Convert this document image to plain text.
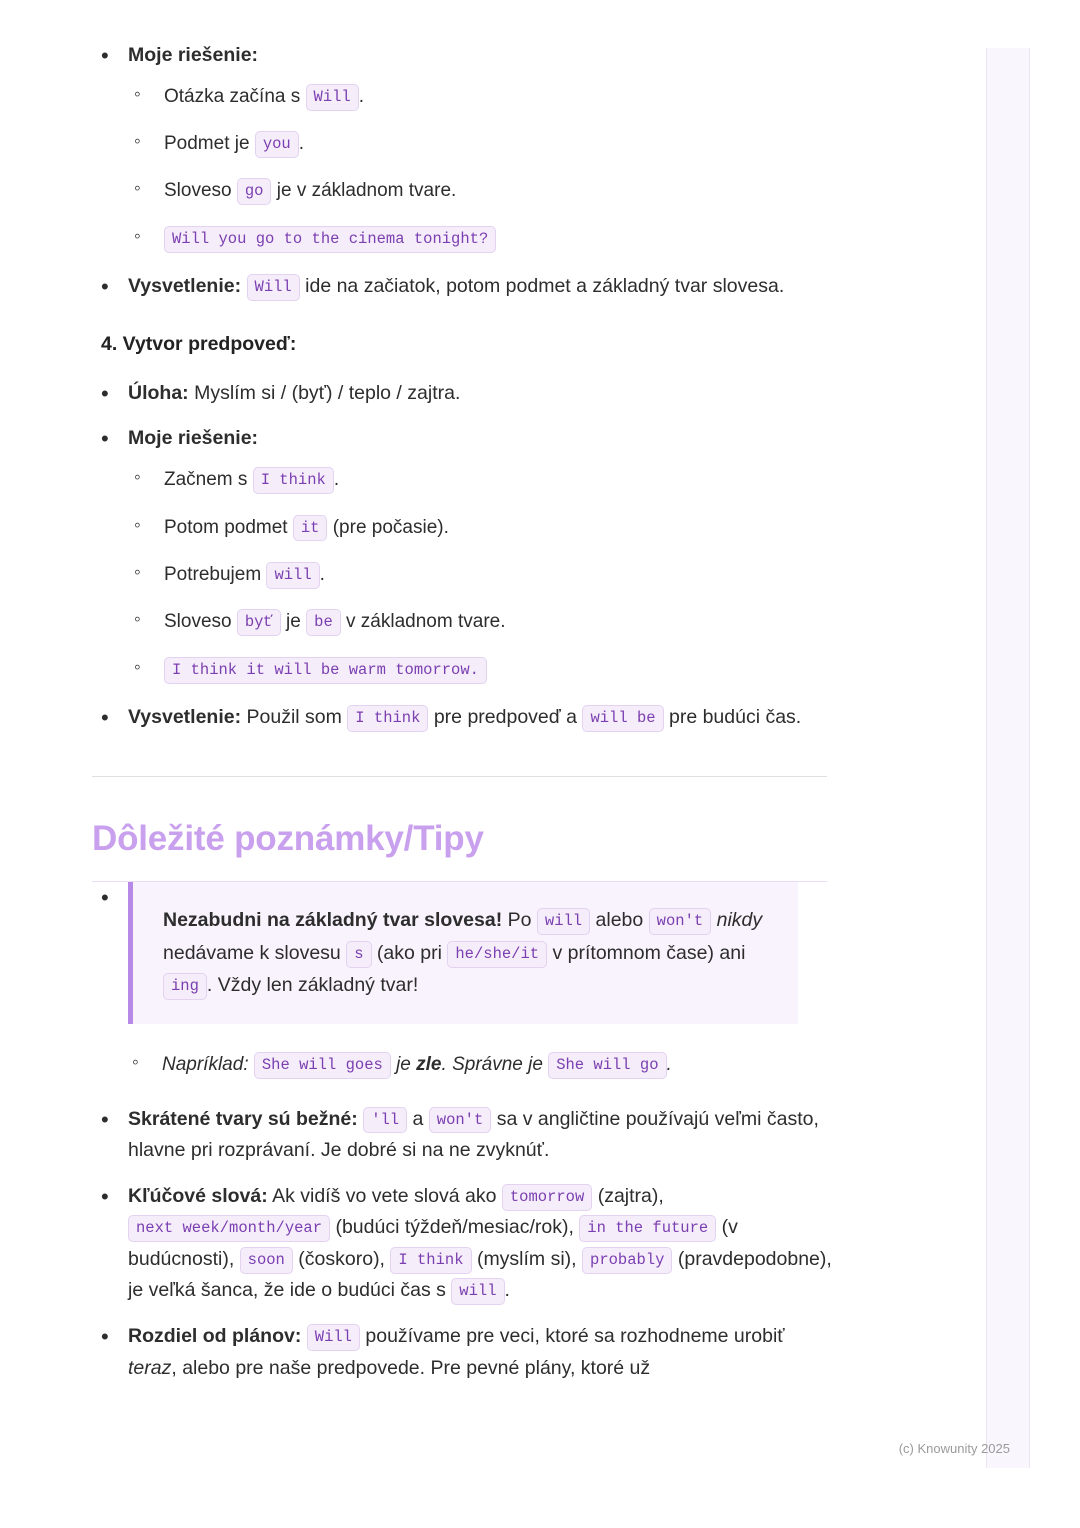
• Moje riešenie:
◦ Otázka začína s Will .
◦ Podmet je you .
◦ Sloveso go je v základnom tvare.
◦ Will you go to the cinema tonight?
• Vysvetlenie: Will ide na začiatok, potom podmet a základný tvar slovesa.
4. Vytvor predpoveď:
• Úloha: Myslím si / (byť) / teplo / zajtra.
• Moje riešenie:
◦ Začnem s I think .
◦ Potom podmet it (pre počasie).
◦ Potrebujem will .
◦ Sloveso byť je be v základnom tvare.
◦ I think it will be warm tomorrow.
• Vysvetlenie: Použil som I think pre predpoveď a will be pre budúci čas.
Dôležité poznámky/Tipy
• Nezabudni na základný tvar slovesa! Po will alebo won't nikdy nedávame k slovesu s (ako pri he/she/it v prítomnom čase) ani ing . Vždy len základný tvar!
◦ Napríklad: She will goes je zle. Správne je She will go .
• Skrátené tvary sú bežné: 'll a won't sa v angličtine používajú veľmi často, hlavne pri rozprávaní. Je dobré si na ne zvyknúť.
• Kľúčové slová: Ak vidíš vo vete slová ako tomorrow (zajtra), next week/month/year (budúci týždeň/mesiac/rok), in the future (v budúcnosti), soon (čoskoro), I think (myslím si), probably (pravdepodobne), je veľká šanca, že ide o budúci čas s will .
• Rozdiel od plánov: Will používame pre veci, ktoré sa rozhodneme urobiť teraz, alebo pre naše predpovede. Pre pevné plány, ktoré už
(c) Knowunity 2025
